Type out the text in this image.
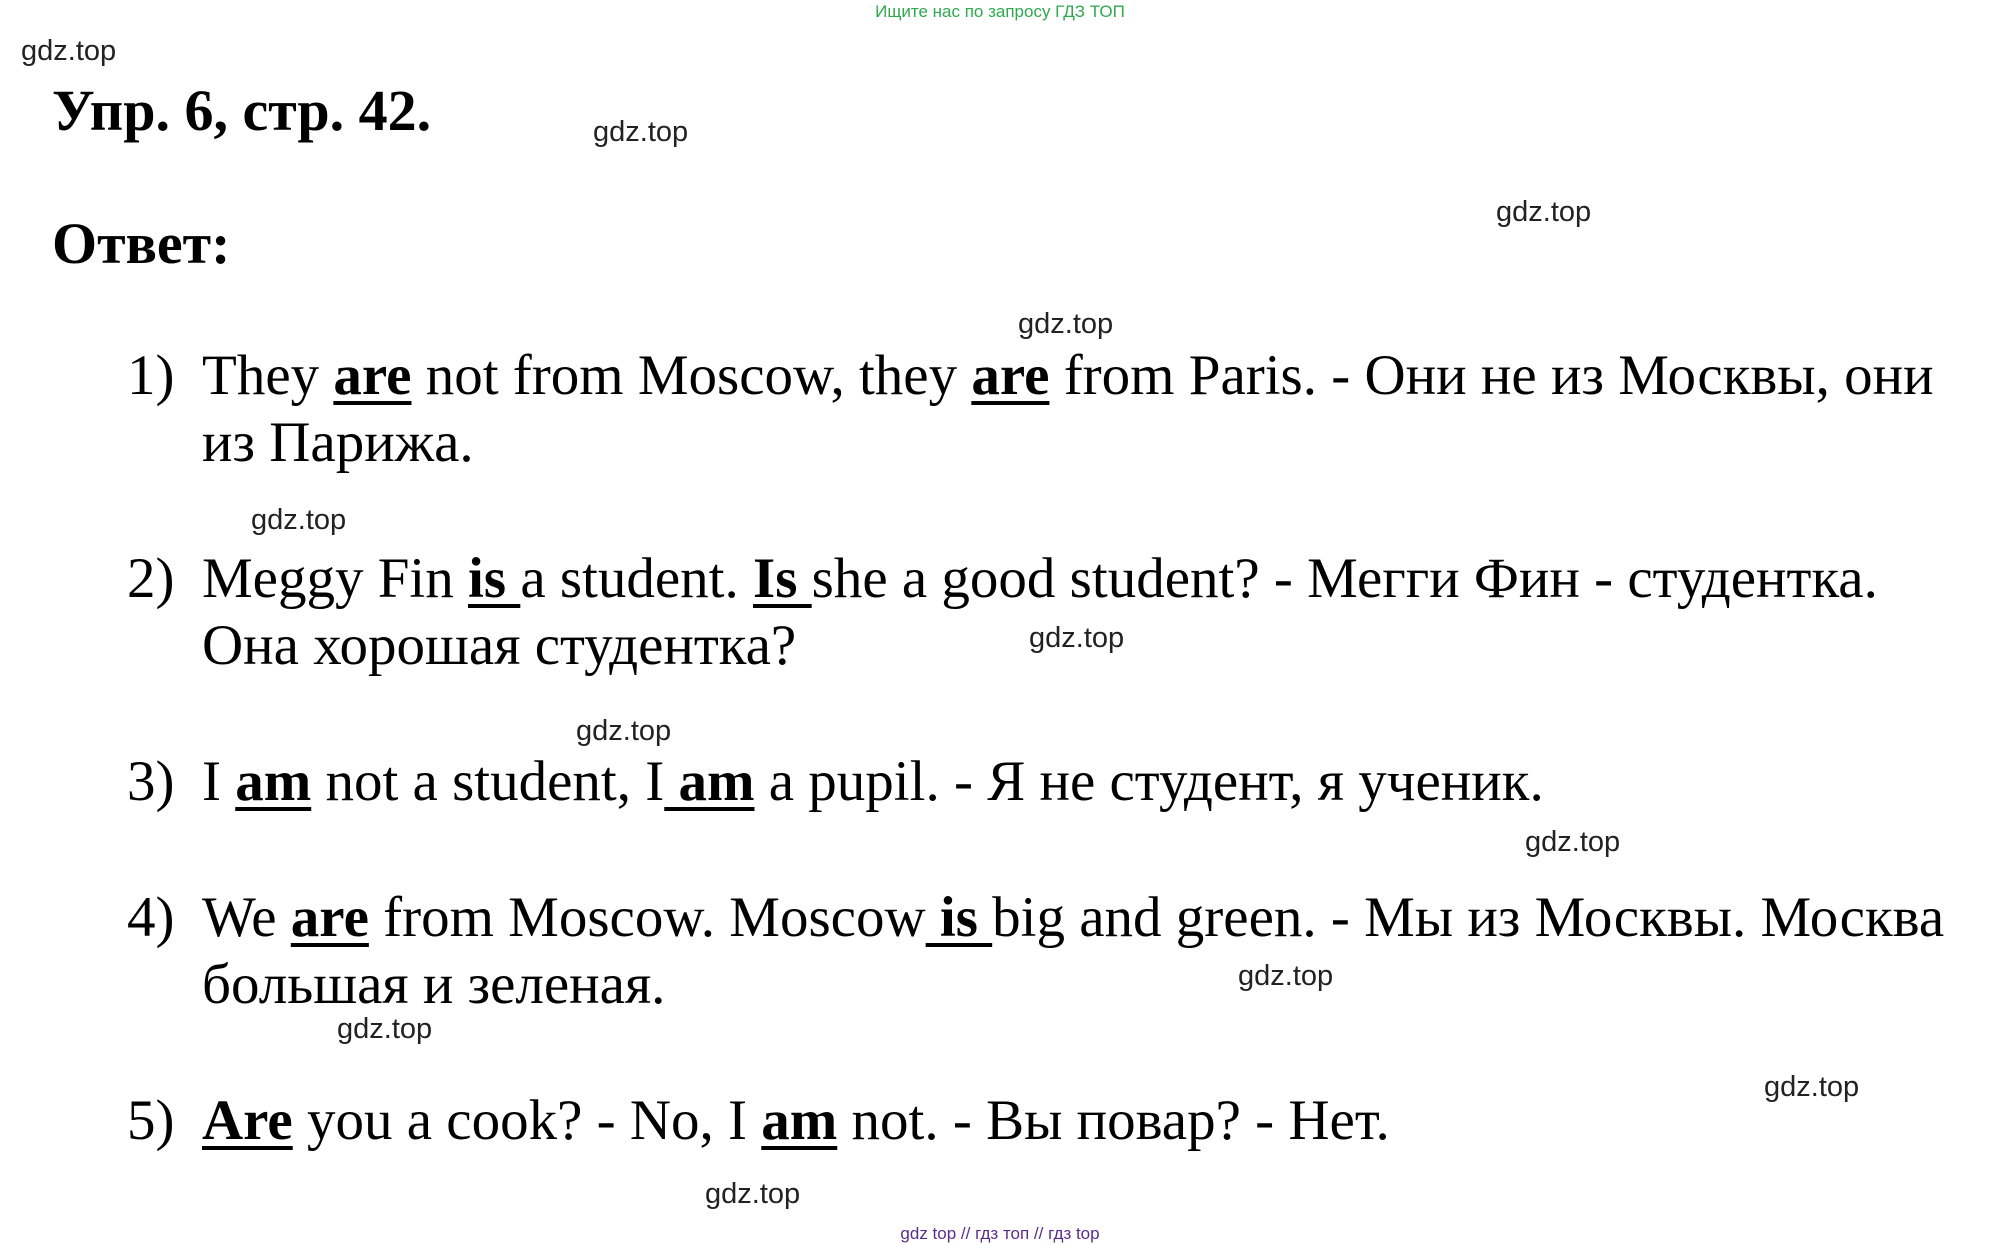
Ищите нас по запросу ГДЗ ТОП
gdz.top
gdz.top
gdz.top
gdz.top
gdz.top
gdz.top
gdz.top
gdz.top
gdz.top
gdz.top
gdz.top
gdz.top
Упр. 6, стр. 42.
Ответ:
1) They are not from Moscow, they are from Paris. - Они не из Москвы, они из Парижа.
2) Meggy Fin is a student. Is she a good student? - Мегги Фин - студентка. Она хорошая студентка?
3) I am not a student, I am a pupil. - Я не студент, я ученик.
4) We are from Moscow. Moscow is big and green. - Мы из Москвы. Москва большая и зеленая.
5) Are you a cook? - No, I am not. - Вы повар? - Нет.
gdz top // гдз топ // гдз top
